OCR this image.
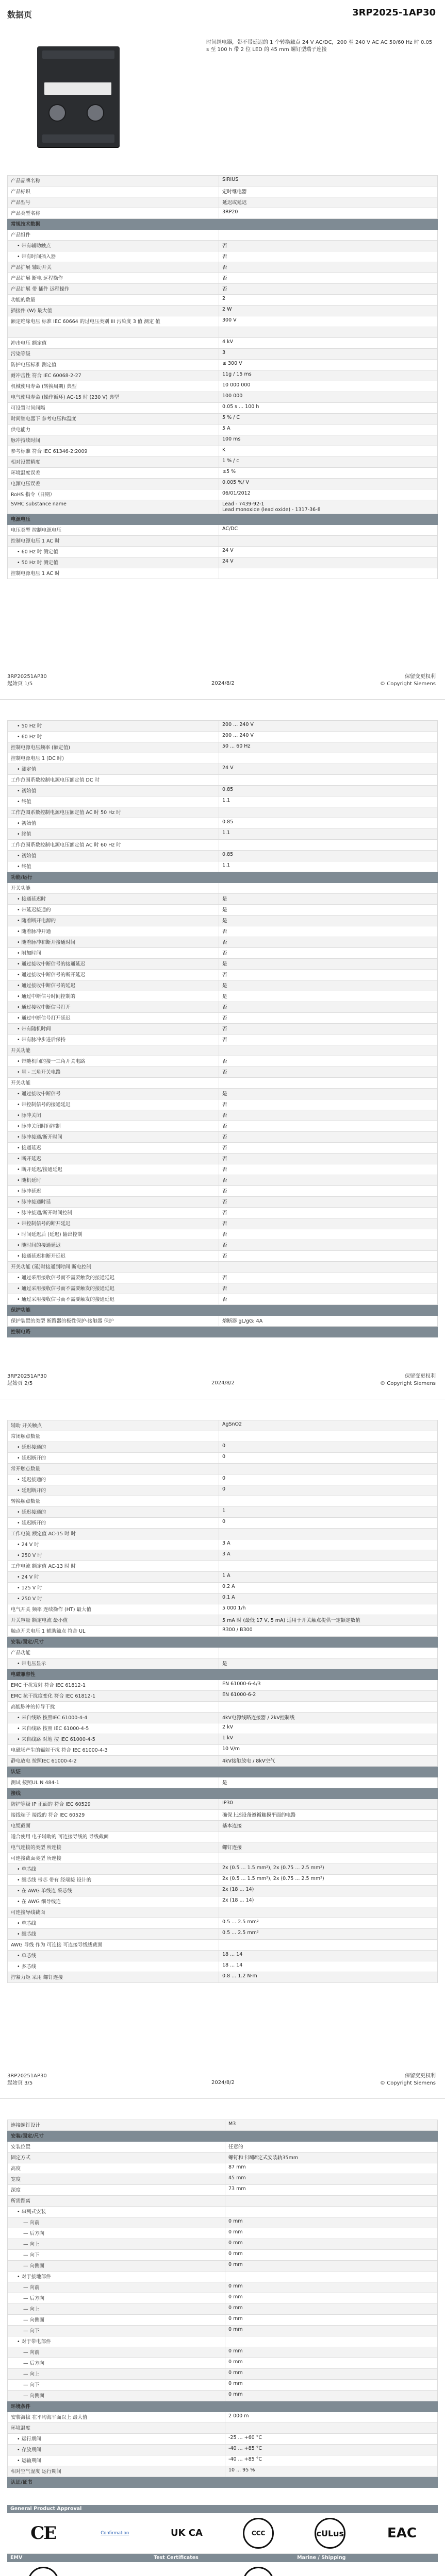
数据页	3RP2025-1AP30
时间继电器，带不带延迟的 1 个转换触点 24 V AC/DC，200 至 240 V AC AC 50/60 Hz 时 0.05 s 至 100 h 带 2 位 LED 的 45 mm 螺钉型端子连接
产品品牌名称	SIRIUS

产品标识	定时继电器

产品型号	延迟或延迟

产品类型名称	3RP20

常规技术数据	

产品组件	

• 带有辅助触点	否

• 带有时间插入器	否

产品扩展 辅助开关	否

产品扩展 断电 远程操作	否

产品扩展 带 插件 远程操作	否

功能的数量	2

插接件 (W) 最大值	2 W

额定绝缘电压 标准 IEC 60664 的过电压类别 III 污染度 3 值 测定 值	300 V

冲击电压 额定值	4 kV

污染等级	3

防护电压标准 测定值	≤ 300 V

耐冲击性 符合 IEC 60068-2-27	11g / 15 ms

机械使用寿命 (转换周期) 典型	10 000 000

电气使用寿命 (操作循环) AC-15 时 (230 V) 典型	100 000

可设置时间间隔	0.05 s ... 100 h

时间继电器下 参考电压和温度	5 % / C

供电能力	5 A

脉冲持续时间	100 ms

参考标准 符合 IEC 61346-2:2009	K

相对设置精度	1 % / c

环境温度误差	±5 %

电源电压误差	0.005 %/ V

RoHS 指令（日期）	06/01/2012

SVHC substance name	Lead - 7439-92-1
Lead monoxide (lead oxide) - 1317-36-8

电源电压	

电压类型 控制电源电压	AC/DC

控制电源电压 1 AC 时	

• 60 Hz 时 测定值	24 V

• 50 Hz 时 测定值	24 V

控制电源电压 1 AC 时	
3RP20251AP30
起始页 1/5	2024/8/2
保留变更权利
© Copyright Siemens
• 50 Hz 时	200 ... 240 V

• 60 Hz 时	200 ... 240 V

控制电源电压频率 (额定值)	50 ... 60 Hz

控制电源电压 1 (DC 时)	

• 测定值	24 V

工作范围系数控制电源电压额定值 DC 时	

• 初始值	0.85

• 终值	1.1

工作范围系数控制电源电压额定值 AC 时 50 Hz 时	

• 初始值	0.85

• 终值	1.1

工作范围系数控制电源电压额定值 AC 时 60 Hz 时	

• 初始值	0.85

• 终值	1.1

功能/运行	

开关功能	

• 接通延迟时	是

• 带延迟接通的	是

• 随着断开电源的	是

• 随着脉冲开通	否

• 随着脉冲和断开接通时间	否

• 附加时间	否

• 通过接收中断信号的接通延迟	是

• 通过接收中断信号的断开延迟	否

• 通过接收中断信号的延迟	是

• 通过中断信号时间控制的	是

• 通过接收中断信号打开	否

• 通过中断信号打开延迟	否

• 带有随机时间	否

• 带有脉冲步进后保持	否

开关功能	

• 带随机间的接一三角开关电路	否

• 星 - 三角开关电路	否

开关功能	

• 通过接收中断信号	是

• 带控制信号的接通延迟	否

• 脉冲关闭	否

• 脉冲关闭时间控制	否

• 脉冲接通/断开时间	否

• 接通延迟	否

• 断开延迟	否

• 断开延迟/接通延迟	否

• 随机延时	否

• 脉冲延迟	否

• 脉冲接通时延	否

• 脉冲接通/断开时间控制	否

• 带控制信号的断开延迟	否

• 时间延迟后 (延迟) 输出控制	否

• 随时间的接通延迟	否

• 接通延迟和断开延迟	否

开关功能 (延)时接通到时间 断电控制	

• 通过采用接收信号而不需要触发的接通延迟	否

• 通过采用接收信号而不需要触发的接通延迟	否

• 通过采用接收信号而不需要触发的接通延迟	否

保护功能	

保护装置的类型 断路器的极性保护-接触器 保护	熔断器 gL/gG: 4A

控制电路	
3RP20251AP30
起始页 2/5	2024/8/2
保留变更权利
© Copyright Siemens
辅助 开关触点	AgSnO2

常闭触点数量	

• 延迟接通的	0

• 延迟断开的	0

常开触点数量	

• 延迟接通的	0

• 延迟断开的	0

转换触点数量	

• 延迟接通的	1

• 延迟断开的	0

工作电流 额定值 AC-15 时 时	

• 24 V 时	3 A

• 250 V 时	3 A

工作电流 额定值 AC-13 时 时	

• 24 V 时	1 A

• 125 V 时	0.2 A

• 250 V 时	0.1 A

电气开关 频率 连续操作 (HT) 最大值	5 000 1/h

开关容量 额定电流 最小值	5 mA 时 (最低 17 V, 5 mA) 适用于开关触点提供一定额定数值

触点开关电压 1 辅助触点 符合 UL	R300 / B300

安装/固定/尺寸	

产品功能	

• 带电压显示	是

电磁兼容性	

EMC 干扰发射 符合 IEC 61812-1	EN 61000-6-4/3

EMC 抗干扰度变化 符合 IEC 61812-1	EN 61000-6-2

高能脉冲的传导干扰	

• 来自线路 按照IEC 61000-4-4	4kV电源线路连接器 / 2kV控制线

• 来自线路 按照 IEC 61000-4-5	2 kV

• 来自线路 对地 按 IEC 61000-4-5	1 kV

电磁场产生的辐射干扰 符合 IEC 61000-4-3	10 V/m

静电放电 按照IEC 61000-4-2	4kV接触放电 / 8kV空气

认证	

测试 按照UL N 484-1	是

接线	

防护等级 IP 正面的 符合 IEC 60529	IP30

接线端子 接线的 符合 IEC 60529	确保上述设备遵循触摸平面的电路

电缆截面	基本连接

适合使用 电子辅助的 可连接导线的 导线截面	

电气连接的类型 所连接	螺钉连接

可连接截面类型 所连接	

• 单芯线	2x (0.5 ... 1.5 mm²), 2x (0.75 ... 2.5 mm²)

• 细芯线 带芯 带有 经端接 设计的	2x (0.5 ... 1.5 mm²), 2x (0.75 ... 2.5 mm²)

• 在 AWG 单线连 采芯线	2x (18 ... 14)

• 在 AWG 细导线连	2x (18 ... 14)

可连接导线截面	

• 单芯线	0.5 ... 2.5 mm²

• 细芯线	0.5 ... 2.5 mm²

AWG 导线 作为 可连接 可连接导线线截面	

• 单芯线	18 ... 14

• 多芯线	18 ... 14

拧紧力矩 采用 螺钉连接	0.8 ... 1.2 N·m
3RP20251AP30
起始页 3/5	2024/8/2
保留变更权利
© Copyright Siemens
连接螺钉设计	M3

安装/固定/尺寸	

安装位置	任意的

固定方式	螺钉和卡固固定式安装轨35mm

高度	87 mm

宽度	45 mm

深度	73 mm

所需距离	

• 串列式安装	

— 向前	0 mm

— 后方向	0 mm

— 向上	0 mm

— 向下	0 mm

— 向侧面	0 mm

• 对于接地部件	

— 向前	0 mm

— 后方向	0 mm

— 向上	0 mm

— 向侧面	0 mm

— 向下	0 mm

• 对于带电部件	

— 向前	0 mm

— 后方向	0 mm

— 向上	0 mm

— 向下	0 mm

— 向侧面	0 mm

环境条件	

安装海拔 在平均海平面以上 最大值	2 000 m

环境温度	

• 运行期间	-25 ... +60 °C

• 存放期间	-40 ... +85 °C

• 运输期间	-40 ... +85 °C

相对空气湿度 运行期间	10 ... 95 %

认证/证书	
General Product Approval
CE	Confirmation	UK CA	CCC	cULus	EAC
EMV	Test Certificates	Marine / Shipping
